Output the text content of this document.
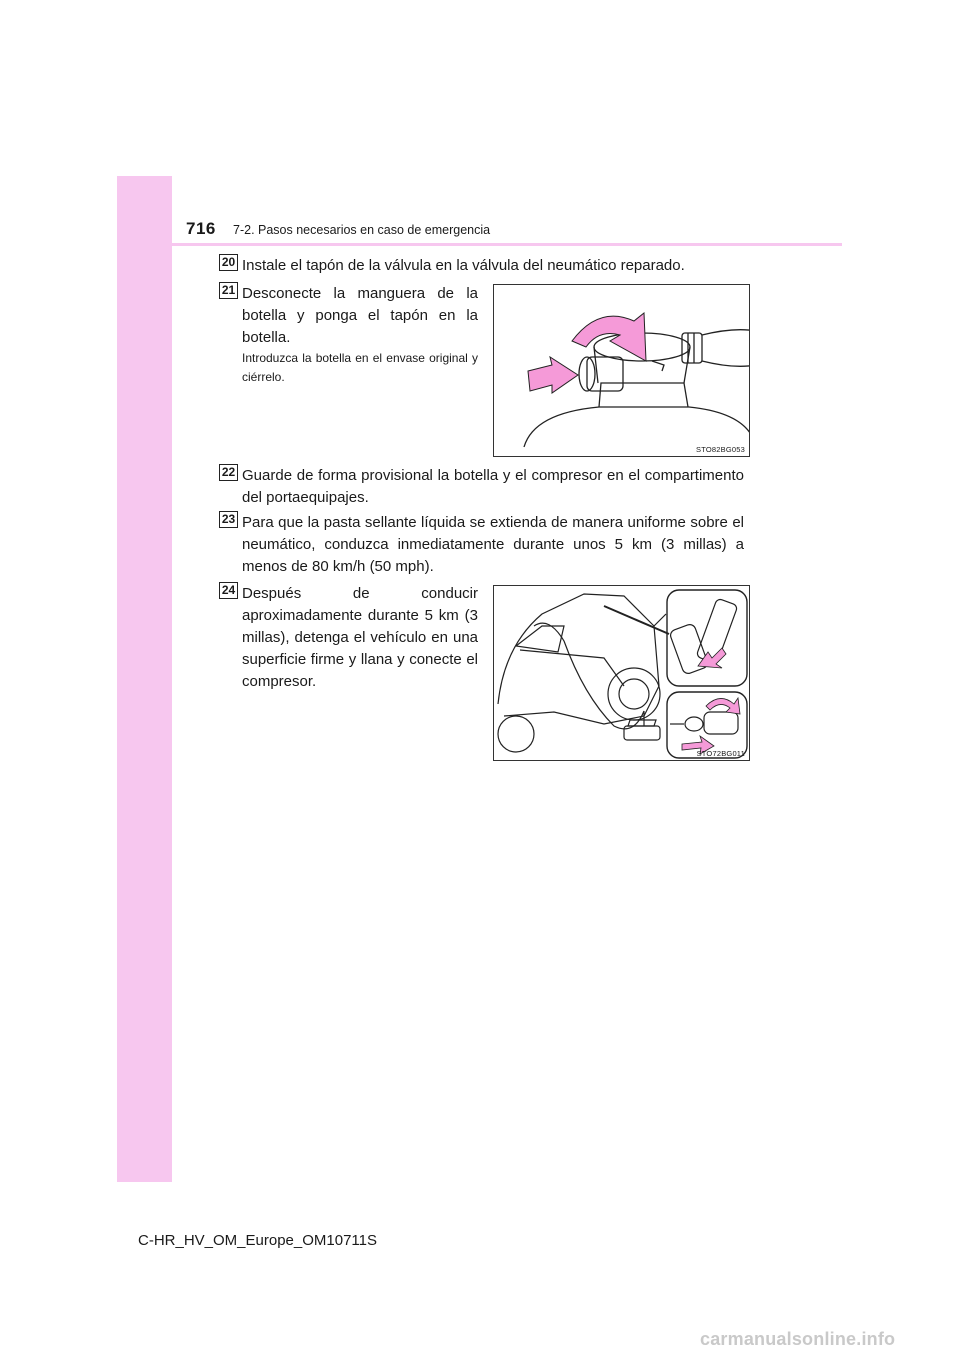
716 7-2. Pasos necesarios en caso de emergencia
20 Instale el tapón de la válvula en la válvula del neumático reparado.
21 Desconecte la manguera de la botella y ponga el tapón en la botella.
Introduzca la botella en el envase original y ciérrelo.
STO82BG053
22 Guarde de forma provisional la botella y el compresor en el compartimento del portaequipajes.
23 Para que la pasta sellante líquida se extienda de manera uniforme sobre el neumático, conduzca inmediatamente durante unos 5 km (3 millas) a menos de 80 km/h (50 mph).
24 Después de conducir aproximadamente durante 5 km (3 millas), detenga el vehículo en una superficie firme y llana y conecte el compresor.
STO72BG011
C-HR_HV_OM_Europe_OM10711S
carmanualsonline.info
